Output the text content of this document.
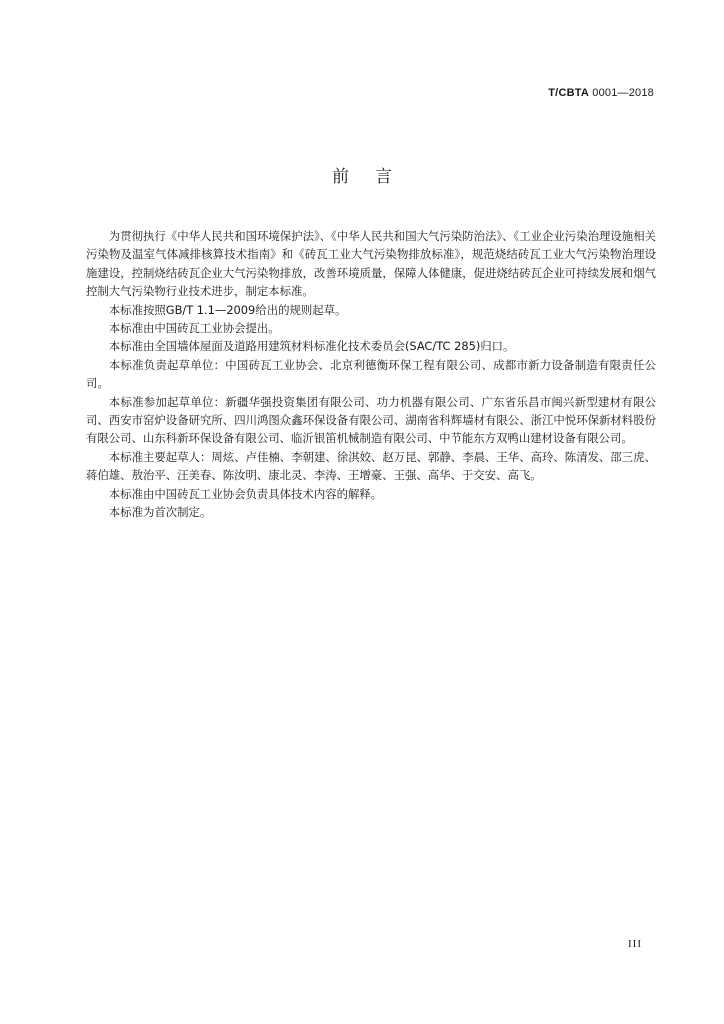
T/CBTA 0001—2018
前言

为贯彻执行《中华人民共和国环境保护法》、《中华人民共和国大气污染防治法》、《工业企业污染治理设施相关污染物及温室气体减排核算技术指南》和《砖瓦工业大气污染物排放标准》，规范烧结砖瓦工业大气污染物治理设施建设，控制烧结砖瓦企业大气污染物排放，改善环境质量，保障人体健康，促进烧结砖瓦企业可持续发展和烟气控制大气污染物行业技术进步，制定本标准。

本标准按照GB/T 1.1—2009给出的规则起草。

本标准由中国砖瓦工业协会提出。

本标准由全国墙体屋面及道路用建筑材料标准化技术委员会(SAC/TC 285)归口。

本标准负责起草单位：中国砖瓦工业协会、北京利德衡环保工程有限公司、成都市新力设备制造有限责任公司。

本标准参加起草单位：新疆华强投资集团有限公司、功力机器有限公司、广东省乐昌市闽兴新型建材有限公司、西安市窑炉设备研究所、四川鸿图众鑫环保设备有限公司、湖南省科辉墙材有限公、浙江中悦环保新材料股份有限公司、山东科新环保设备有限公司、临沂银笛机械制造有限公司、中节能东方双鸭山建材设备有限公司。

本标准主要起草人：周炫、卢佳楠、李朝建、徐淇姣、赵万昆、郭静、李晨、王华、高玲、陈清发、邵三虎、蒋伯雄、敖治平、汪美春、陈汝明、康北灵、李涛、王增豪、王强、高华、于交安、高飞。

本标准由中国砖瓦工业协会负责具体技术内容的解释。

本标准为首次制定。

III
